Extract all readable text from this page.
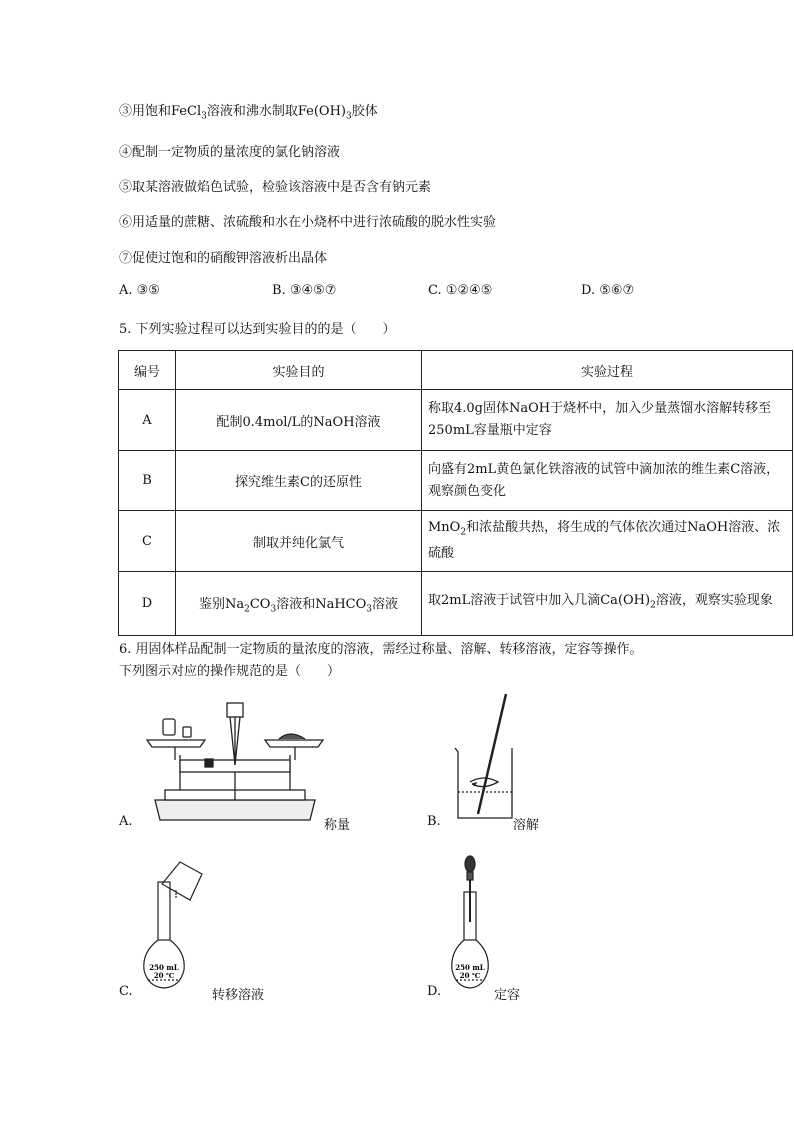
③用饱和FeCl$_3$溶液和沸水制取$Fe(OH)_3$胶体
④配制一定物质的量浓度的氯化钠溶液
⑤取某溶液做焰色试验，检验该溶液中是否含有钠元素
⑥用适量的蔗糖、浓硫酸和水在小烧杯中进行浓硫酸的脱水性实验
⑦促使过饱和的硝酸钾溶液析出晶体
A. ③⑤	B. ③④⑤⑦	C. ①②④⑤	D. ⑤⑥⑦
5. 下列实验过程可以达到实验目的的是（　　）
编号	实验目的	实验过程
A	配制0.4mol/L的NaOH溶液	称取4.0g固体NaOH于烧杯中，加入少量蒸馏水溶解转移至250mL容量瓶中定容
B	探究维生素C的还原性	向盛有2mL黄色氯化铁溶液的试管中滴加浓的维生素C溶液，观察颜色变化
C	制取并纯化氯气	MnO$_2$和浓盐酸共热，将生成的气体依次通过NaOH溶液、浓硫酸
D	鉴别$Na_2CO_3$溶液和NaHCO$_3$溶液	取2mL溶液于试管中加入几滴$Ca(OH)_2$溶液，观察实验现象
6. 用固体样品配制一定物质的量浓度的溶液，需经过称量、溶解、转移溶液，定容等操作。
下列图示对应的操作规范的是（　　）
A.	称量	B.	溶解
250 mL
20 ℃
C.	转移溶液
250 mL
20 ℃
D.	定容
